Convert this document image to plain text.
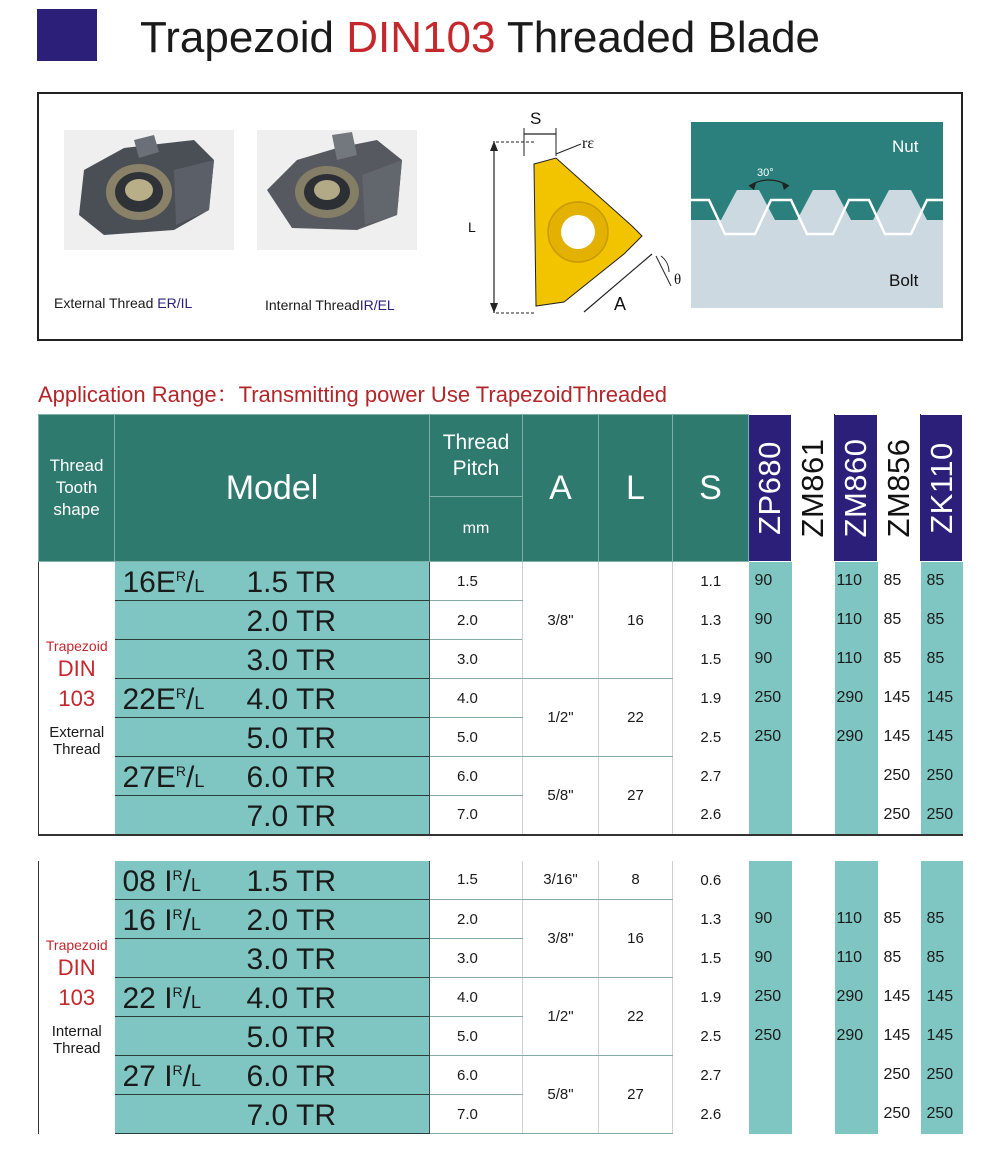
Trapezoid DIN103 Threaded Blade
External Thread ER/IL	Internal ThreadIR/EL
S
rε
L
A
θ
Nut
30°
Bolt
Application Range：Transmitting power Use TrapezoidThreaded
Thread Tooth shape	Model	Thread Pitch	A	L	S	ZP680	ZM861	ZM860	ZM856	ZK110

		mm								

Trapezoid
DIN
103
External Thread	$16E^R/L$ 1.5 TR	1.5	3/8"	16	1.1	90		110	85	85

	2.0 TR	2.0			1.3	90		110	85	85

	3.0 TR	3.0			1.5	90		110	85	85

	$22E^R/L$ 4.0 TR	4.0	1/2"	22	1.9	250		290	145	145

	5.0 TR	5.0			2.5	250		290	145	145

	$27E^R/L$ 6.0 TR	6.0	5/8"	27	2.7				250	250

	7.0 TR	7.0			2.6				250	250

Trapezoid
DIN
103
Internal Thread	08 $I^R/L$ 1.5 TR	1.5	3/16"	8	0.6					

	16 $I^R/L$ 2.0 TR	2.0	3/8"	16	1.3	90		110	85	85

	3.0 TR	3.0			1.5	90		110	85	85

	22 $I^R/L$ 4.0 TR	4.0	1/2"	22	1.9	250		290	145	145

	5.0 TR	5.0			2.5	250		290	145	145

	27 $I^R/L$ 6.0 TR	6.0	5/8"	27	2.7				250	250

	7.0 TR	7.0			2.6				250	250
